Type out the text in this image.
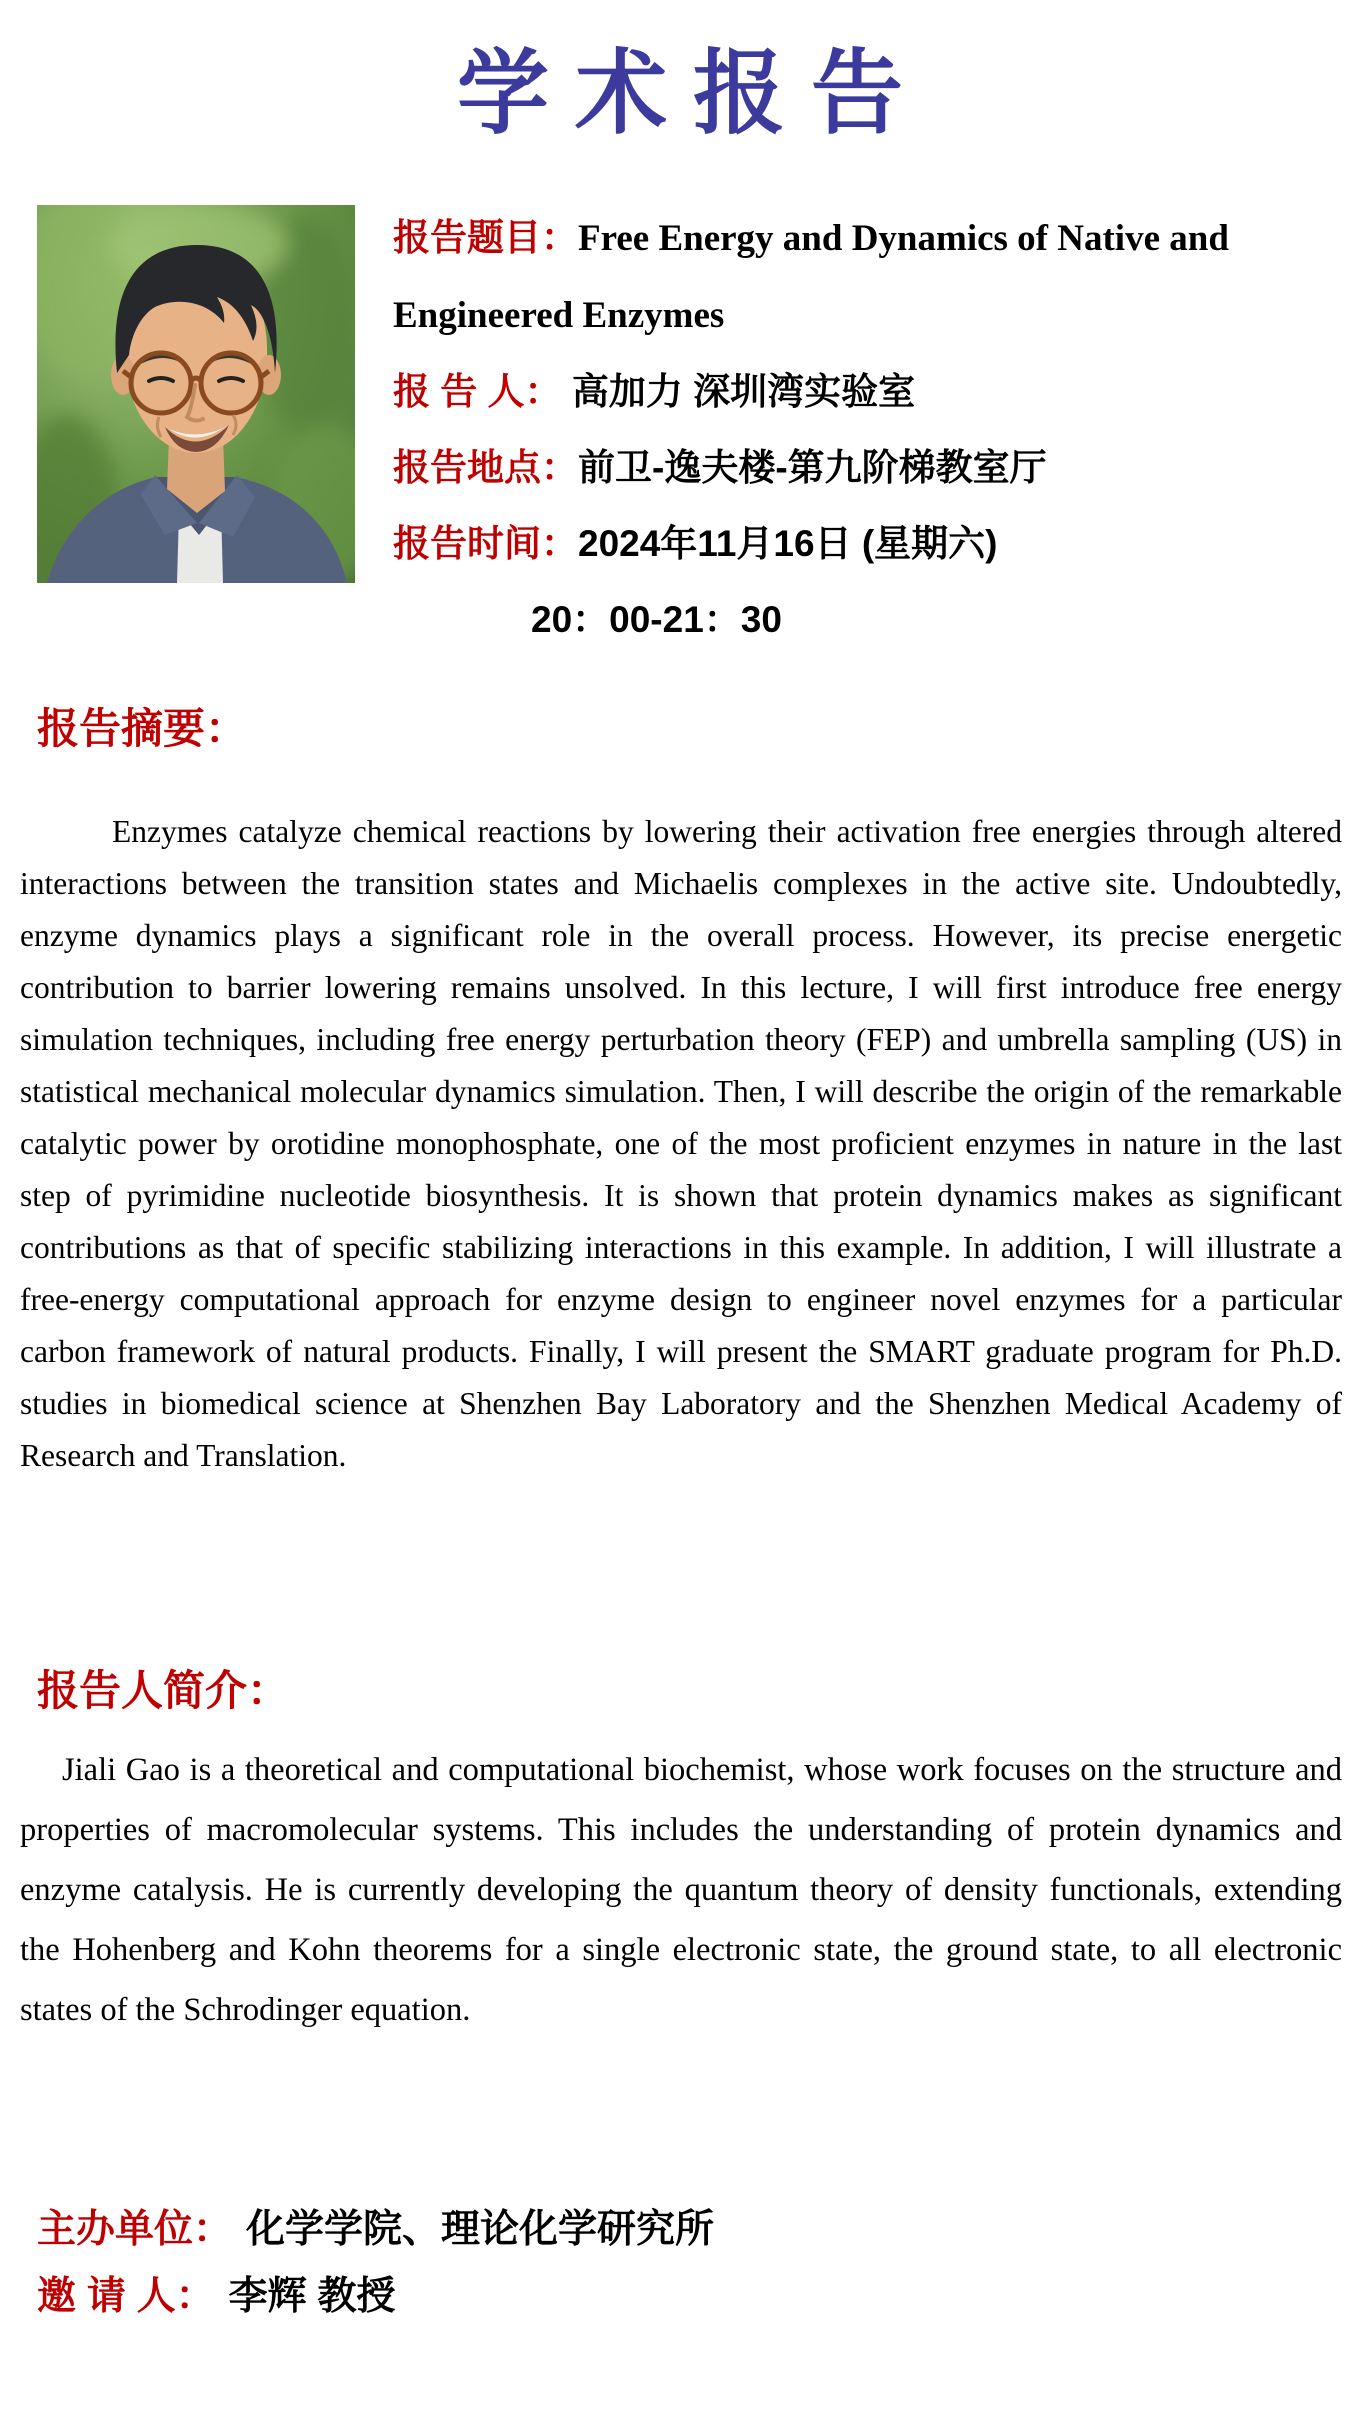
学术报告

报告题目：Free Energy and Dynamics of Native and Engineered Enzymes

报 告 人： 高加力 深圳湾实验室

报告地点：前卫-逸夫楼-第九阶梯教室厅

报告时间：2024年11月16日 (星期六)

20：00-21：30

报告摘要：

Enzymes catalyze chemical reactions by lowering their activation free energies through altered interactions between the transition states and Michaelis complexes in the active site. Undoubtedly, enzyme dynamics plays a significant role in the overall process. However, its precise energetic contribution to barrier lowering remains unsolved. In this lecture, I will first introduce free energy simulation techniques, including free energy perturbation theory (FEP) and umbrella sampling (US) in statistical mechanical molecular dynamics simulation. Then, I will describe the origin of the remarkable catalytic power by orotidine monophosphate, one of the most proficient enzymes in nature in the last step of pyrimidine nucleotide biosynthesis. It is shown that protein dynamics makes as significant contributions as that of specific stabilizing interactions in this example. In addition, I will illustrate a free-energy computational approach for enzyme design to engineer novel enzymes for a particular carbon framework of natural products. Finally, I will present the SMART graduate program for Ph.D. studies in biomedical science at Shenzhen Bay Laboratory and the Shenzhen Medical Academy of Research and Translation.

报告人简介：

Jiali Gao is a theoretical and computational biochemist, whose work focuses on the structure and properties of macromolecular systems. This includes the understanding of protein dynamics and enzyme catalysis. He is currently developing the quantum theory of density functionals, extending the Hohenberg and Kohn theorems for a single electronic state, the ground state, to all electronic states of the Schrodinger equation.

主办单位： 化学学院、理论化学研究所

邀 请 人： 李辉 教授
